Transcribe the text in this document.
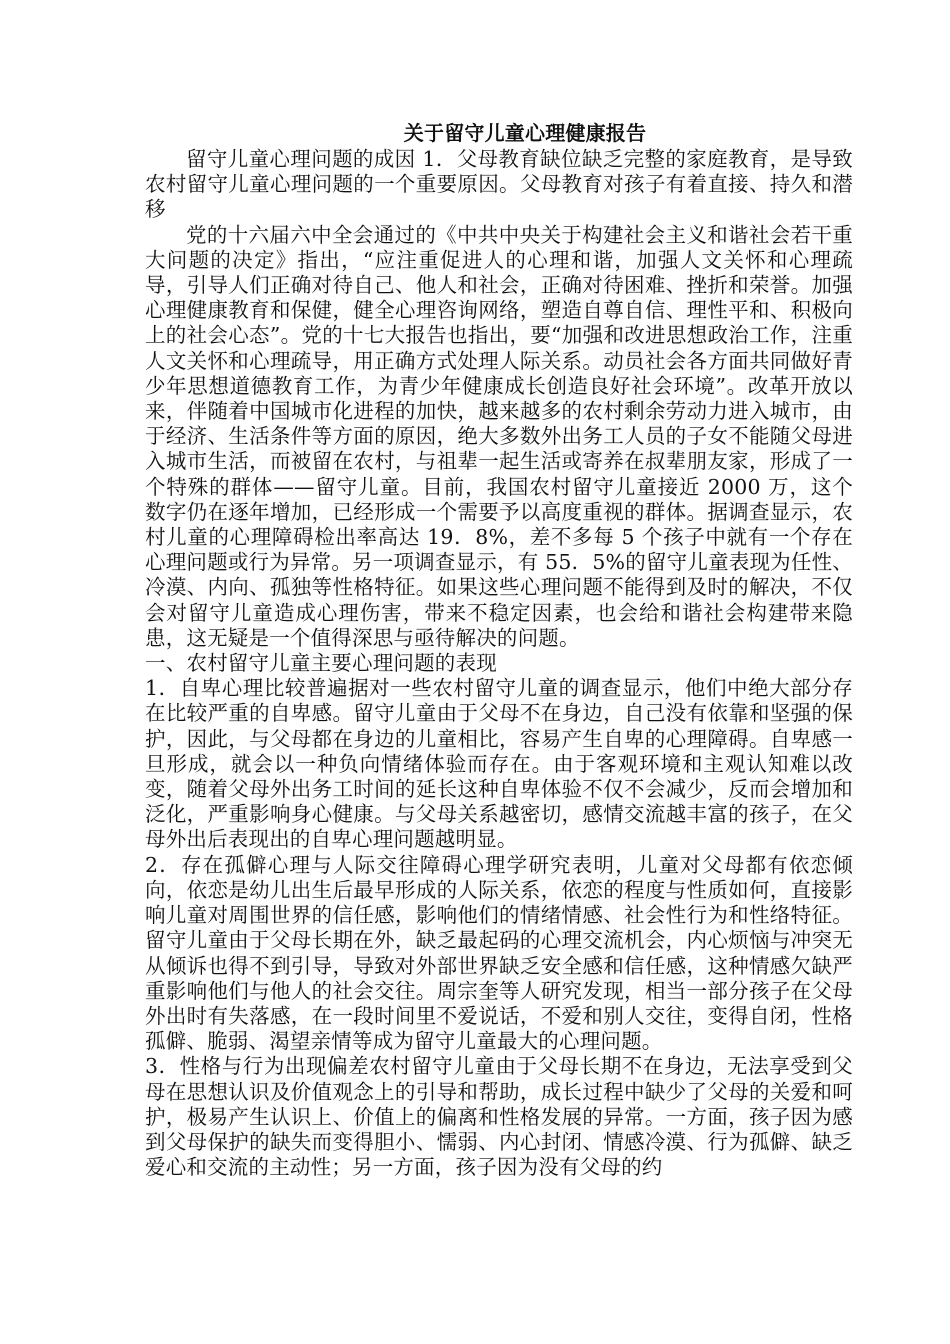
关于留守儿童心理健康报告

留守儿童心理问题的成因 1．父母教育缺位缺乏完整的家庭教育，是导致农村留守儿童心理问题的一个重要原因。父母教育对孩子有着直接、持久和潜移

党的十六届六中全会通过的《中共中央关于构建社会主义和谐社会若干重大问题的决定》指出，“应注重促进人的心理和谐，加强人文关怀和心理疏导，引导人们正确对待自己、他人和社会，正确对待困难、挫折和荣誉。加强心理健康教育和保健，健全心理咨询网络，塑造自尊自信、理性平和、积极向上的社会心态”。党的十七大报告也指出，要“加强和改进思想政治工作，注重人文关怀和心理疏导，用正确方式处理人际关系。动员社会各方面共同做好青少年思想道德教育工作，为青少年健康成长创造良好社会环境”。改革开放以来，伴随着中国城市化进程的加快，越来越多的农村剩余劳动力进入城市，由于经济、生活条件等方面的原因，绝大多数外出务工人员的子女不能随父母进入城市生活，而被留在农村，与祖辈一起生活或寄养在叔辈朋友家，形成了一个特殊的群体——留守儿童。目前，我国农村留守儿童接近 2000 万，这个数字仍在逐年增加，已经形成一个需要予以高度重视的群体。据调查显示，农村儿童的心理障碍检出率高达 19．8%，差不多每 5 个孩子中就有一个存在心理问题或行为异常。另一项调查显示，有 55．5%的留守儿童表现为任性、冷漠、内向、孤独等性格特征。如果这些心理问题不能得到及时的解决，不仅会对留守儿童造成心理伤害，带来不稳定因素，也会给和谐社会构建带来隐患，这无疑是一个值得深思与亟待解决的问题。

一、农村留守儿童主要心理问题的表现

1．自卑心理比较普遍据对一些农村留守儿童的调查显示，他们中绝大部分存在比较严重的自卑感。留守儿童由于父母不在身边，自己没有依靠和坚强的保护，因此，与父母都在身边的儿童相比，容易产生自卑的心理障碍。自卑感一旦形成，就会以一种负向情绪体验而存在。由于客观环境和主观认知难以改变，随着父母外出务工时间的延长这种自卑体验不仅不会减少，反而会增加和泛化，严重影响身心健康。与父母关系越密切，感情交流越丰富的孩子，在父母外出后表现出的自卑心理问题越明显。

2．存在孤僻心理与人际交往障碍心理学研究表明，儿童对父母都有依恋倾向，依恋是幼儿出生后最早形成的人际关系，依恋的程度与性质如何，直接影响儿童对周围世界的信任感，影响他们的情绪情感、社会性行为和性络特征。留守儿童由于父母长期在外，缺乏最起码的心理交流机会，内心烦恼与冲突无从倾诉也得不到引导，导致对外部世界缺乏安全感和信任感，这种情感欠缺严重影响他们与他人的社会交往。周宗奎等人研究发现，相当一部分孩子在父母外出时有失落感，在一段时间里不爱说话，不爱和别人交往，变得自闭，性格孤僻、脆弱、渴望亲情等成为留守儿童最大的心理问题。

3．性格与行为出现偏差农村留守儿童由于父母长期不在身边，无法享受到父母在思想认识及价值观念上的引导和帮助，成长过程中缺少了父母的关爱和呵护，极易产生认识上、价值上的偏离和性格发展的异常。一方面，孩子因为感到父母保护的缺失而变得胆小、懦弱、内心封闭、情感冷漠、行为孤僻、缺乏爱心和交流的主动性；另一方面，孩子因为没有父母的约
